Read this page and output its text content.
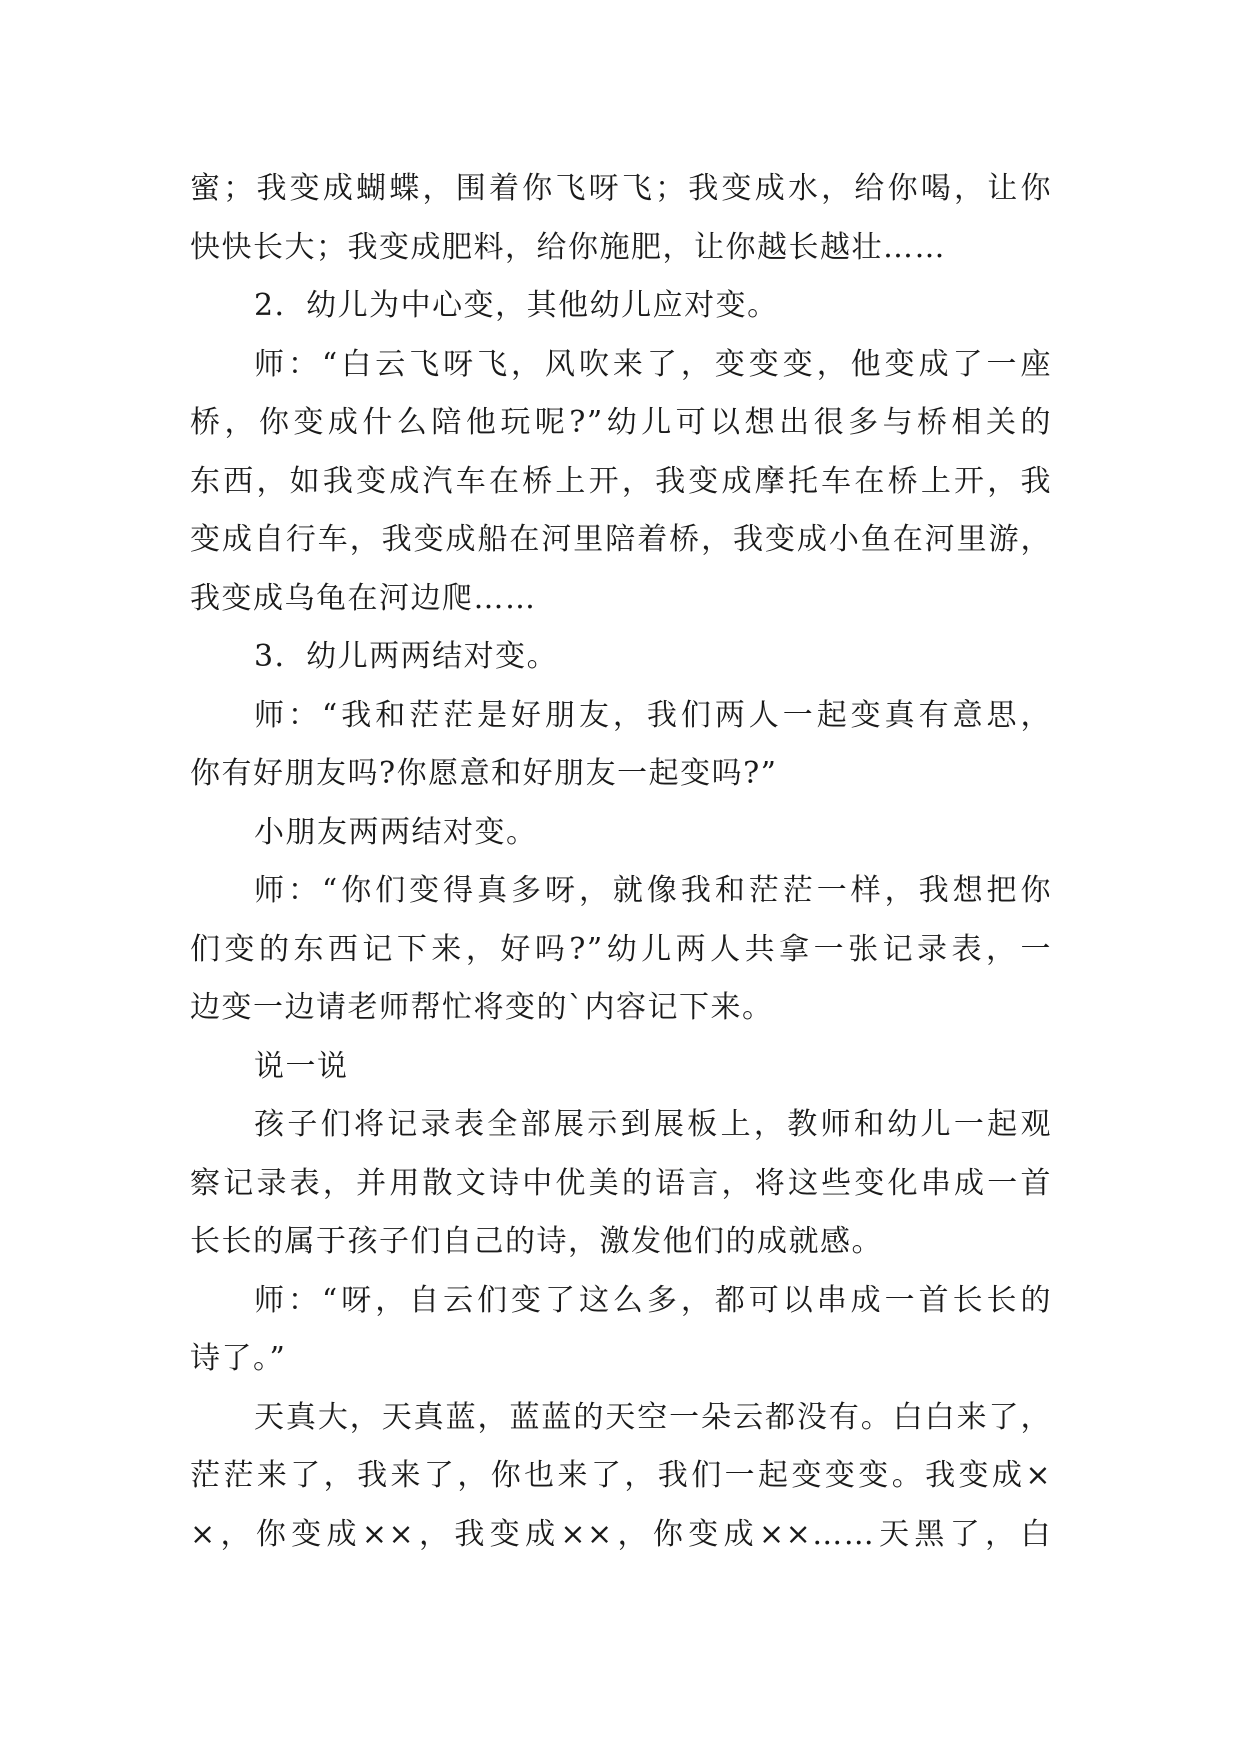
蜜；我变成蝴蝶，围着你飞呀飞；我变成水，给你喝，让你
快快长大；我变成肥料，给你施肥，让你越长越壮……
2．幼儿为中心变，其他幼儿应对变。
师：“白云飞呀飞，风吹来了，变变变，他变成了一座
桥，你变成什么陪他玩呢?”幼儿可以想出很多与桥相关的
东西，如我变成汽车在桥上开，我变成摩托车在桥上开，我
变成自行车，我变成船在河里陪着桥，我变成小鱼在河里游，
我变成乌龟在河边爬……
3．幼儿两两结对变。
师：“我和茫茫是好朋友，我们两人一起变真有意思，
你有好朋友吗?你愿意和好朋友一起变吗?”
小朋友两两结对变。
师：“你们变得真多呀，就像我和茫茫一样，我想把你
们变的东西记下来，好吗?”幼儿两人共拿一张记录表，一
边变一边请老师帮忙将变的`内容记下来。
说一说
孩子们将记录表全部展示到展板上，教师和幼儿一起观
察记录表，并用散文诗中优美的语言，将这些变化串成一首
长长的属于孩子们自己的诗，激发他们的成就感。
师：“呀，自云们变了这么多，都可以串成一首长长的
诗了。”
天真大，天真蓝，蓝蓝的天空一朵云都没有。白白来了，
茫茫来了，我来了，你也来了，我们一起变变变。我变成×
×，你变成××，我变成××，你变成××……天黑了，白
